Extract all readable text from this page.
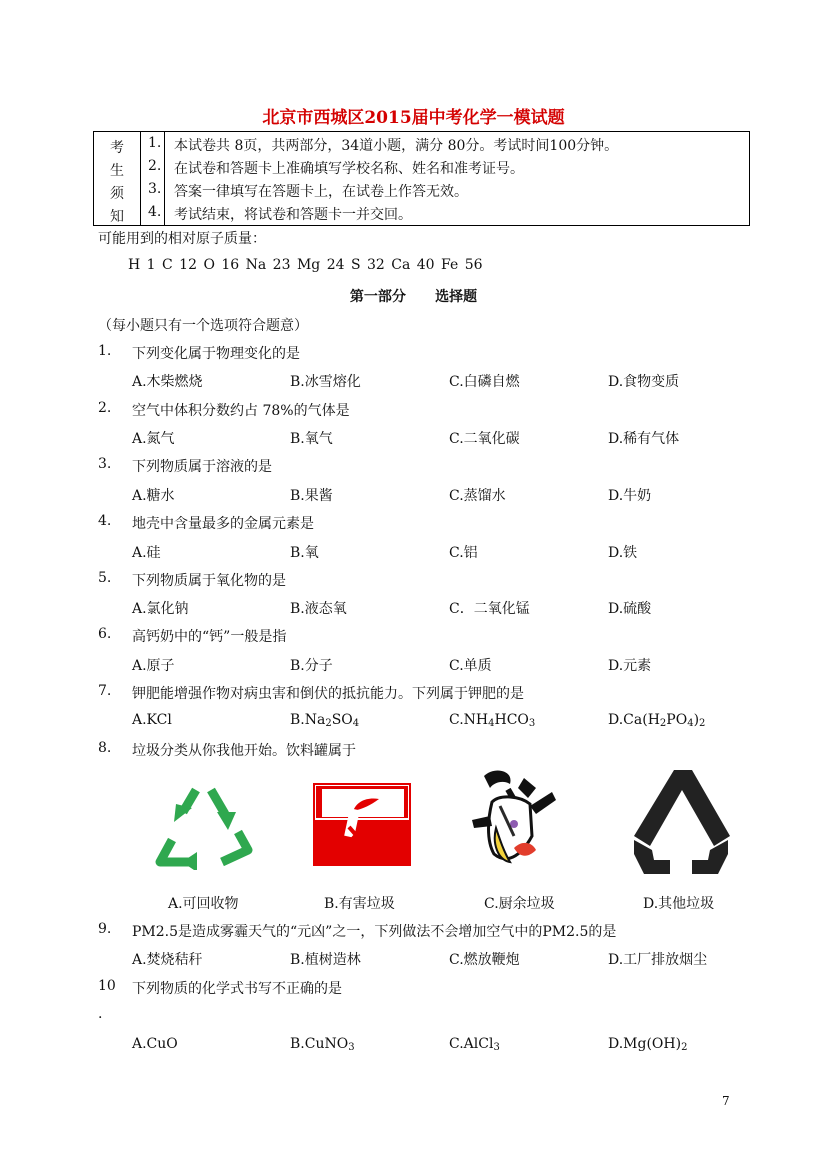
北京市西城区2015届中考化学一模试题
考
生
须
知
1. 本试卷共 8页，共两部分，34道小题，满分 80分。考试时间100分钟。
2. 在试卷和答题卡上准确填写学校名称、姓名和准考证号。
3. 答案一律填写在答题卡上，在试卷上作答无效。
4. 考试结束，将试卷和答题卡一并交回。
可能用到的相对原子质量：
H 1 C 12 O 16 Na 23 Mg 24 S 32 Ca 40 Fe 56
第一部分      选择题
（每小题只有一个选项符合题意）
1. 下列变化属于物理变化的是
A.木柴燃烧	B.冰雪熔化	C.白磷自燃	D.食物变质
2. 空气中体积分数约占 78%的气体是
A.氮气	B.氧气	C.二氧化碳	D.稀有气体
3. 下列物质属于溶液的是
A.糖水	B.果酱	C.蒸馏水	D.牛奶
4. 地壳中含量最多的金属元素是
A.硅	B.氧	C.铝	D.铁
5. 下列物质属于氧化物的是
A.氯化钠	B.液态氧	C．二氧化锰	D.硫酸
6. 高钙奶中的“钙”一般是指
A.原子	B.分子	C.单质	D.元素
7. 钾肥能增强作物对病虫害和倒伏的抵抗能力。下列属于钾肥的是
A.KCl	$B.Na_2SO_4$	$C.NH_4HCO_3$	$D.Ca(H_2PO_4)_2$
8. 垃圾分类从你我他开始。饮料罐属于
A.可回收物	B.有害垃圾	C.厨余垃圾	D.其他垃圾
9. PM2.5是造成雾霾天气的“元凶”之一，下列做法不会增加空气中的PM2.5的是
A.焚烧秸秆	B.植树造林	C.燃放鞭炮	D.工厂排放烟尘
10
.
下列物质的化学式书写不正确的是
A.CuO	B.CuNO$_3$	C.AlCl$_3$	$D.Mg(OH)_2$
7
